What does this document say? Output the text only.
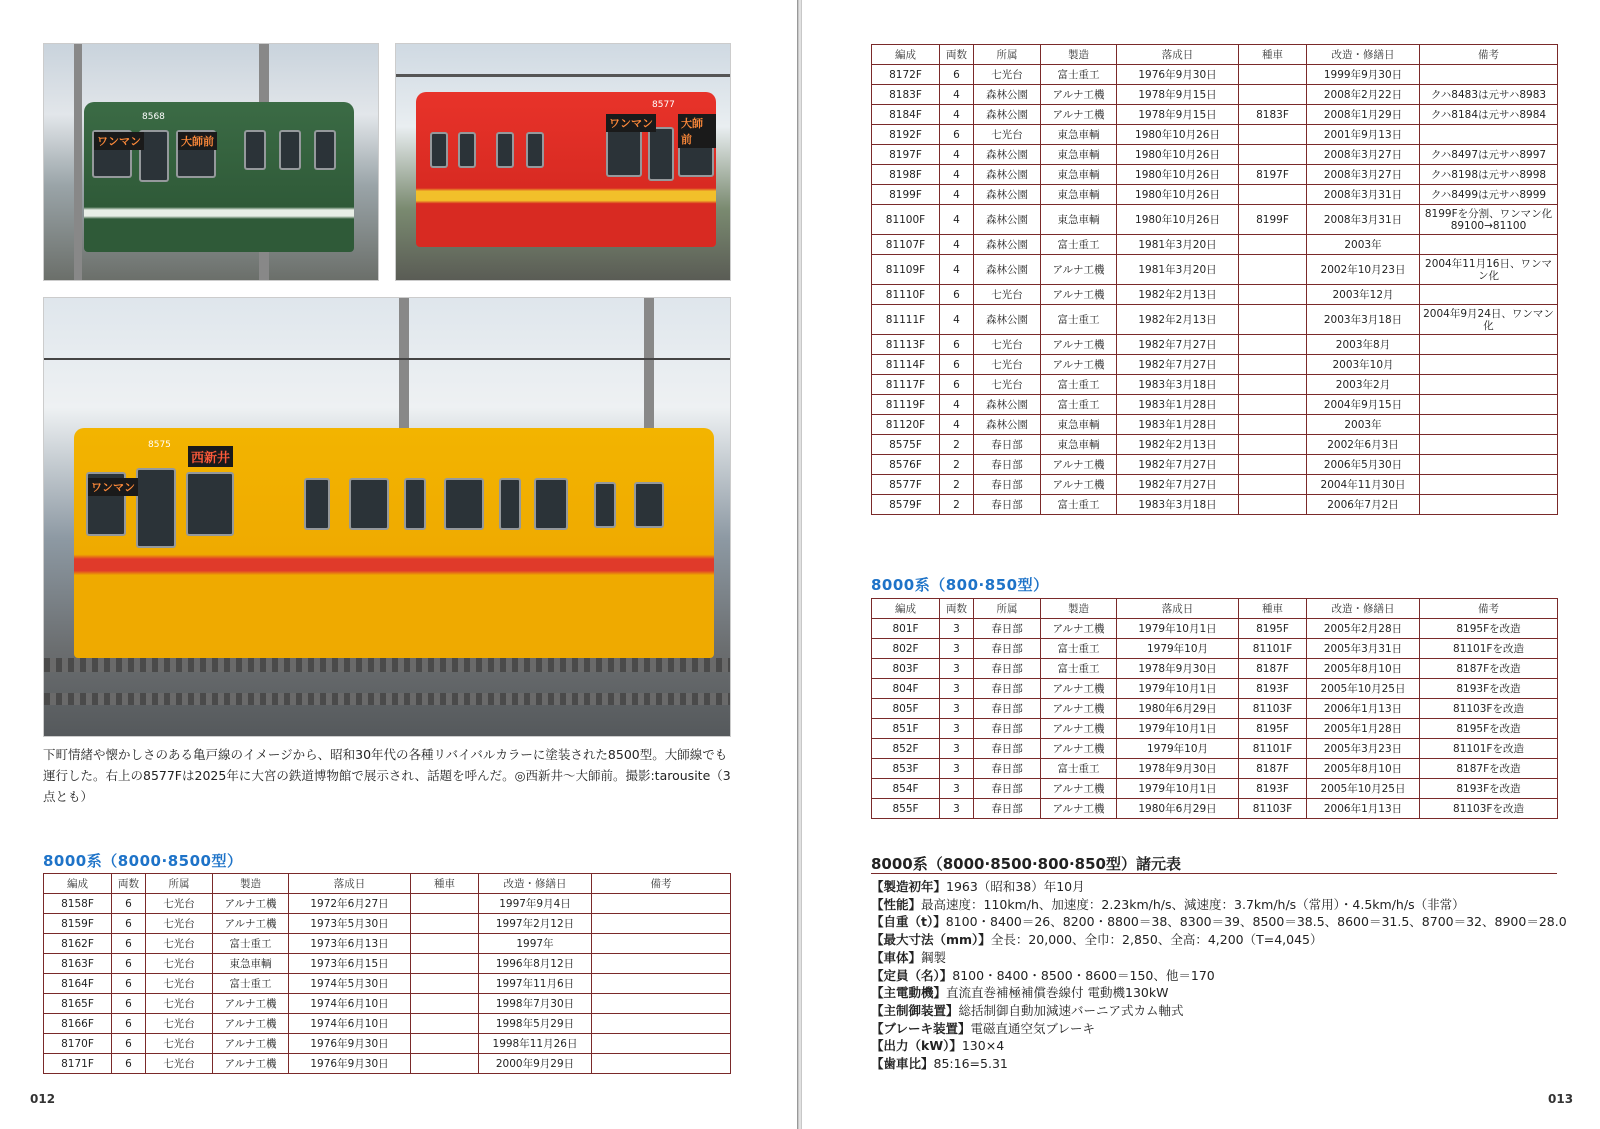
ワンマン	大師前
8568	ワンマン	大師前
8577
ワンマン
西新井
8575

下町情緒や懐かしさのある亀戸線のイメージから、昭和30年代の各種リバイバルカラーに塗装された8500型。大師線でも運行した。右上の8577Fは2025年に大宮の鉄道博物館で展示され、話題を呼んだ。◎西新井〜大師前。撮影:tarousite（3点とも）

8000系（8000·8500型）
編成	両数	所属	製造	落成日	種車	改造・修繕日	備考
8158F	6	七光台	アルナ工機	1972年6月27日		1997年9月4日	
8159F	6	七光台	アルナ工機	1973年5月30日		1997年2月12日	
8162F	6	七光台	富士重工	1973年6月13日		1997年	
8163F	6	七光台	東急車輌	1973年6月15日		1996年8月12日	
8164F	6	七光台	富士重工	1974年5月30日		1997年11月6日	
8165F	6	七光台	アルナ工機	1974年6月10日		1998年7月30日	
8166F	6	七光台	アルナ工機	1974年6月10日		1998年5月29日	
8170F	6	七光台	アルナ工機	1976年9月30日		1998年11月26日	
8171F	6	七光台	アルナ工機	1976年9月30日		2000年9月29日	
012
編成	両数	所属	製造	落成日	種車	改造・修繕日	備考
8172F	6	七光台	富士重工	1976年9月30日		1999年9月30日	
8183F	4	森林公園	アルナ工機	1978年9月15日		2008年2月22日	クハ8483は元サハ8983
8184F	4	森林公園	アルナ工機	1978年9月15日	8183F	2008年1月29日	クハ8184は元サハ8984
8192F	6	七光台	東急車輌	1980年10月26日		2001年9月13日	
8197F	4	森林公園	東急車輌	1980年10月26日		2008年3月27日	クハ8497は元サハ8997
8198F	4	森林公園	東急車輌	1980年10月26日	8197F	2008年3月27日	クハ8198は元サハ8998
8199F	4	森林公園	東急車輌	1980年10月26日		2008年3月31日	クハ8499は元サハ8999
81100F	4	森林公園	東急車輌	1980年10月26日	8199F	2008年3月31日	8199Fを分割、ワンマン化 89100→81100
81107F	4	森林公園	富士重工	1981年3月20日		2003年	
81109F	4	森林公園	アルナ工機	1981年3月20日		2002年10月23日	2004年11月16日、ワンマン化
81110F	6	七光台	アルナ工機	1982年2月13日		2003年12月	
81111F	4	森林公園	富士重工	1982年2月13日		2003年3月18日	2004年9月24日、ワンマン化
81113F	6	七光台	アルナ工機	1982年7月27日		2003年8月	
81114F	6	七光台	アルナ工機	1982年7月27日		2003年10月	
81117F	6	七光台	富士重工	1983年3月18日		2003年2月	
81119F	4	森林公園	富士重工	1983年1月28日		2004年9月15日	
81120F	4	森林公園	東急車輌	1983年1月28日		2003年	
8575F	2	春日部	東急車輌	1982年2月13日		2002年6月3日	
8576F	2	春日部	アルナ工機	1982年7月27日		2006年5月30日	
8577F	2	春日部	アルナ工機	1982年7月27日		2004年11月30日	
8579F	2	春日部	富士重工	1983年3月18日		2006年7月2日	
8000系（800·850型）
編成	両数	所属	製造	落成日	種車	改造・修繕日	備考
801F	3	春日部	アルナ工機	1979年10月1日	8195F	2005年2月28日	8195Fを改造
802F	3	春日部	富士重工	1979年10月	81101F	2005年3月31日	81101Fを改造
803F	3	春日部	富士重工	1978年9月30日	8187F	2005年8月10日	8187Fを改造
804F	3	春日部	アルナ工機	1979年10月1日	8193F	2005年10月25日	8193Fを改造
805F	3	春日部	アルナ工機	1980年6月29日	81103F	2006年1月13日	81103Fを改造
851F	3	春日部	アルナ工機	1979年10月1日	8195F	2005年1月28日	8195Fを改造
852F	3	春日部	アルナ工機	1979年10月	81101F	2005年3月23日	81101Fを改造
853F	3	春日部	富士重工	1978年9月30日	8187F	2005年8月10日	8187Fを改造
854F	3	春日部	アルナ工機	1979年10月1日	8193F	2005年10月25日	8193Fを改造
855F	3	春日部	アルナ工機	1980年6月29日	81103F	2006年1月13日	81103Fを改造
8000系（8000·8500·800·850型）諸元表
【製造初年】1963（昭和38）年10月
【性能】最高速度：110km/h、加速度：2.23km/h/s、減速度：3.7km/h/s（常用）・4.5km/h/s（非常）
【自重（t）】8100・8400＝26、8200・8800＝38、8300＝39、8500＝38.5、8600＝31.5、8700＝32、8900＝28.0
【最大寸法（mm）】全長：20,000、全巾：2,850、全高：4,200（T=4,045）
【車体】鋼製
【定員（名）】8100・8400・8500・8600＝150、他＝170
【主電動機】直流直巻補極補償巻線付 電動機130kW
【主制御装置】総括制御自動加減速バーニア式カム軸式
【ブレーキ装置】電磁直通空気ブレーキ
【出力（kW）】130×4
【歯車比】85:16=5.31
013
